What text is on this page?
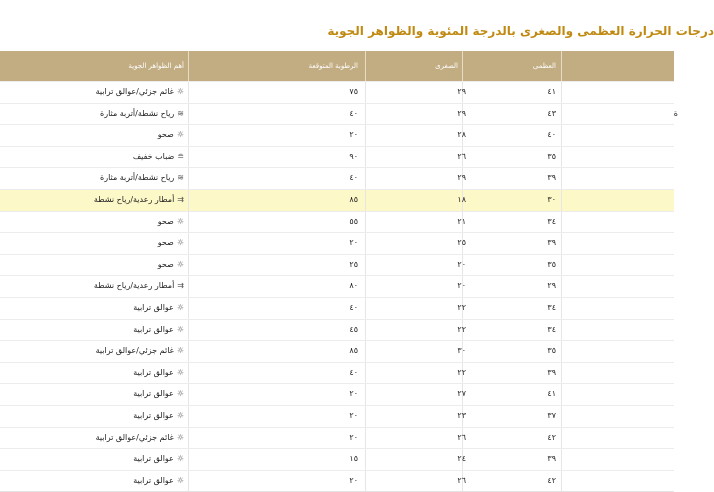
درجات الحرارة العظمى والصغرى بالدرجة المئوية والظواهر الجوية
أهم الظواهر الجوية	الرطوبة المتوقعة	الصغرى	العظمى
☼غائم جزئي/عوالق ترابية	٧٥	٢٩	٤١
≋رياح نشطة/أتربة مثارة	٤٠	٢٩	٤٣	ة
☼صحو	٢٠	٢٨	٤٠
≘ضباب خفيف	٩٠	٢٦	٣٥
≋رياح نشطة/أتربة مثارة	٤٠	٢٩	٣٩
⇉أمطار رعدية/رياح نشطة	٨٥	١٨	٣٠
☼صحو	٥٥	٢١	٣٤
☼صحو	٢٠	٢٥	٣٩
☼صحو	٢٥	٢٠	٣٥
⇉أمطار رعدية/رياح نشطة	٨٠	٢٠	٢٩
☼عوالق ترابية	٤٠	٢٢	٣٤
☼عوالق ترابية	٤٥	٢٢	٣٤
☼غائم جزئي/عوالق ترابية	٨٥	٣٠	٣٥
☼عوالق ترابية	٤٠	٢٢	٣٩
☼عوالق ترابية	٢٠	٢٧	٤١
☼عوالق ترابية	٢٠	٢٣	٣٧
☼غائم جزئي/عوالق ترابية	٢٠	٢٦	٤٢
☼عوالق ترابية	١٥	٢٤	٣٩
☼عوالق ترابية	٢٠	٢٦	٤٢
